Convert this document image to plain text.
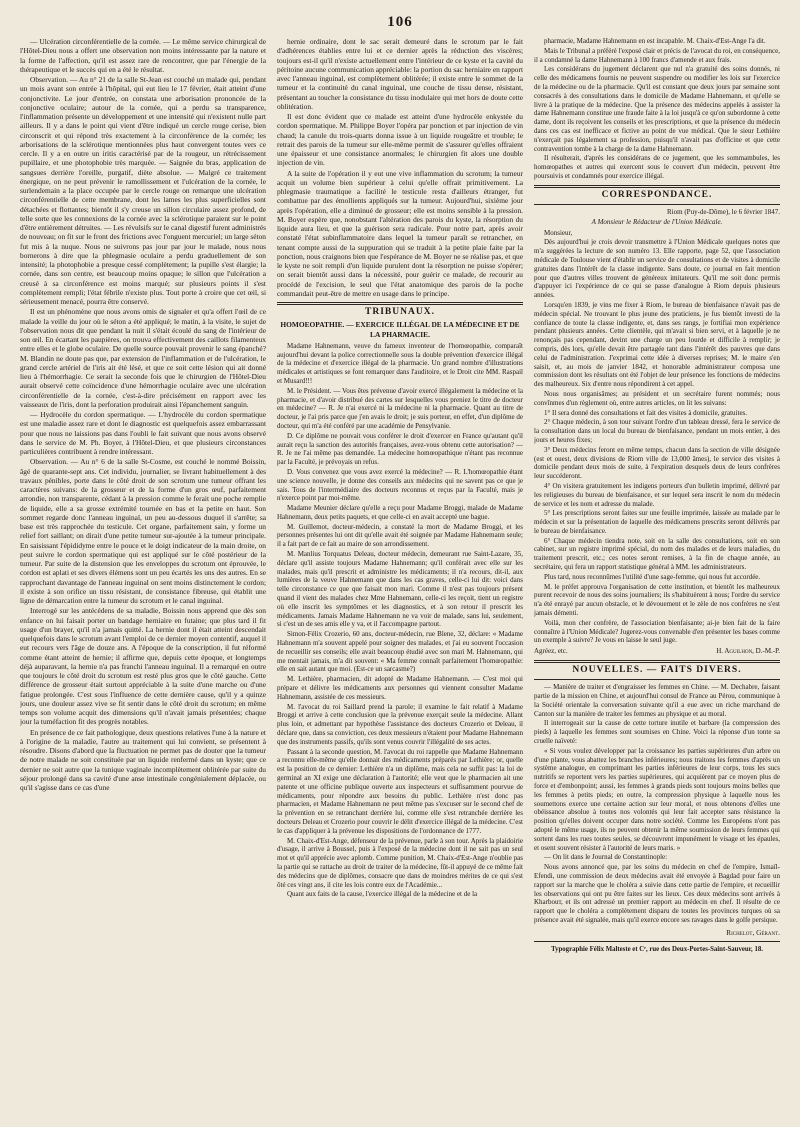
106

— Ulcération circonférentielle de la cornée. — Le même service chirurgical de l'Hôtel-Dieu nous a offert une observation non moins intéressante par la nature et la forme de l'affection, qu'il est assez rare de rencontrer, que par l'énergie de la thérapeutique et le succès qui en a été le résultat.

Observation. — Au n° 21 de la salle St-Jean est couché un malade qui, pendant un mois avant son entrée à l'hôpital, qui eut lieu le 17 février, était atteint d'une conjonctivite. Le jour d'entrée, on constata une arborisation prononcée de la conjonctive oculaire; autour de la cornée, qui a perdu sa transparence, l'inflammation présente un développement et une intensité qui n'existent nulle part ailleurs. Il y a dans le point qui vient d'être indiqué un cercle rouge cerise, bien circonscrit et qui répond très exactement à la circonférence de la cornée; les arborisations de la sclérotique mentionnées plus haut convergent toutes vers ce cercle. Il y a en outre un iritis caractérisé par de la rougeur, un rétrécissement pupillaire, et une photophobie très marquée. — Saignée du bras, application de sangsues derrière l'oreille, purgatif, diète absolue. — Malgré ce traitement énergique, on ne peut prévenir le ramollissement et l'ulcération de la cornée, le surlendemain a la place occupée par le cercle rouge on remarque une ulcération circonférentielle de cette membrane, dont les lames les plus superficielles sont détachées et flottantes; bientôt il s'y creuse un sillon circulaire assez profond, de telle sorte que les connexions de la cornée avec la sclérotique paraient sur le point d'être entièrement détruites. — Les révulsifs sur le canal digestif furent administrés de nouveau; on fit sur le front des frictions avec l'onguent mercuriel; un large séton fut mis à la nuque. Nous ne suivrons pas jour par jour le malade, nous nous bornerons à dire que la phlegmasie oculaire a perdu graduellement de son intensité; la photophobie a presque cessé complètement; la pupille s'est élargie; la cornée, dans son centre, est beaucoup moins opaque; le sillon que l'ulcération a creusé à sa circonférence est moins marqué; sur plusieurs points il s'est complètement rempli; l'état fébrile n'existe plus. Tout porte à croire que cet œil, si sérieusement menacé, pourra être conservé.

Il est un phénomène que nous avons omis de signaler et qu'a offert l'œil de ce malade la veille du jour où le séton a été appliqué; le matin, à la visite, le sujet de l'observation nous dit que pendant la nuit il s'était écoulé du sang de l'intérieur de son œil. En écartant les paupières, on trouva effectivement des caillots filamenteux entre elles et le globe oculaire. De quelle source pouvait provenir le sang épanché? M. Blandin ne doute pas que, par extension de l'inflammation et de l'ulcération, le grand cercle artériel de l'iris ait été lésé, et que ce soit cette lésion qui ait donné lieu à l'hémorrhagie. Ce serait la seconde fois que le chirurgien de l'Hôtel-Dieu aurait observé cette coïncidence d'une hémorrhagie oculaire avec une ulcération circonférentielle de la cornée, c'est-à-dire précisément en rapport avec les vaisseaux de l'iris, dont la perforation produirait ainsi l'épanchement sanguin.

— Hydrocèle du cordon spermatique. — L'hydrocèle du cordon spermatique est une maladie assez rare et dont le diagnostic est quelquefois assez embarrassant pour que nous ne laissions pas dans l'oubli le fait suivant que nous avons observé dans le service de M. Ph. Boyer, à l'Hôtel-Dieu, et que plusieurs circonstances particulières contribuent à rendre intéressant.

Observation. — Au n° 6 de la salle St-Cosme, est couché le nommé Boissin, âgé de quarante-sept ans. Cet individu, journalier, se livrant habituellement à des travaux pénibles, porte dans le côté droit de son scrotum une tumeur offrant les caractères suivans: de la grosseur et de la forme d'un gros œuf, parfaitement arrondie, non transparente, cédant à la pression comme le ferait une poche remplie de liquide, elle a sa grosse extrémité tournée en bas et la petite en haut. Son sommet regarde donc l'anneau inguinal, un peu au-dessous duquel il s'arrête; sa base est très rapprochée du testicule. Cet organe, parfaitement sain, y forme un relief fort saillant; on dirait d'une petite tumeur sur-ajoutée à la tumeur principale. En saisissant l'épididyme entre le pouce et le doigt indicateur de la main droite, on peut suivre le cordon spermatique qui est appliqué sur le côté postérieur de la tumeur. Par suite de la distension que les enveloppes du scrotum ont éprouvée, le cordon est aplati et ses divers élémens sont un peu écartés les uns des autres. En se rapprochant davantage de l'anneau inguinal on sent moins distinctement le cordon; il existe à son orifice un tissu résistant, de consistance fibreuse, qui établit une ligne de démarcation entre la tumeur du scrotum et le canal inguinal.

Interrogé sur les antécédens de sa maladie, Boissin nous apprend que dès son enfance on lui faisait porter un bandage herniaire en futaine; que plus tard il fit usage d'un brayer, qu'il n'a jamais quitté. La hernie dont il était atteint descendait quelquefois dans le scrotum avant l'emploi de ce dernier moyen contentif, auquel il eut recours vers l'âge de douze ans. A l'époque de la conscription, il fut réformé comme étant atteint de hernie; il affirme que, depuis cette époque, et longtemps déjà auparavant, la hernie n'a pas franchi l'anneau inguinal. Il a remarqué en outre que toujours le côté droit du scrotum est resté plus gros que le côté gauche. Cette différence de grosseur était surtout appréciable à la suite d'une marche ou d'une fatigue prolongée. C'est sous l'influence de cette dernière cause, qu'il y a quinze jours, une douleur assez vive se fit sentir dans le côté droit du scrotum; en même temps son volume acquit des dimensions qu'il n'avait jamais présentées; chaque jour la tuméfaction fit des progrès notables.

En présence de ce fait pathologique, deux questions relatives l'une à la nature et à l'origine de la maladie, l'autre au traitement qui lui convient, se présentent à résoudre. Disons d'abord que la fluctuation ne permet pas de douter que la tumeur de notre malade ne soit constituée par un liquide renfermé dans un kyste; que ce dernier ne soit autre que la tunique vaginale incomplètement oblitérée par suite du séjour prolongé dans sa cavité d'une anse intestinale congénialement déplacée, ou qu'il s'agisse dans ce cas d'une

hernie ordinaire, dont le sac serait demeuré dans le scrotum par le fait d'adhérences établies entre lui et ce dernier après la réduction des viscères; toujours est-il qu'il n'existe actuellement entre l'intérieur de ce kyste et la cavité du péritoine aucune communication appréciable: la portion du sac herniaire en rapport avec l'anneau inguinal, est complètement oblitérée; il existe entre le sommet de la tumeur et la continuité du canal inguinal, une couche de tissu dense, résistant, présentant au toucher la consistance du tissu inodulaire qui met hors de doute cette oblitération.

Il est donc évident que ce malade est atteint d'une hydrocèle enkystée du cordon spermatique. M. Philippe Boyer l'opéra par ponction et par injection de vin chaud; la canule du trois-quarts donna issue à un liquide rougeâtre et trouble; le retrait des parois de la tumeur sur elle-même permit de s'assurer qu'elles offraient une épaisseur et une consistance anormales; le chirurgien fit alors une double injection de vin.

A la suite de l'opération il y eut une vive inflammation du scrotum; la tumeur acquit un volume bien supérieur à celui qu'elle offrait primitivement. La phlegmasie traumatique a facilité le testicule resta d'ailleurs étranger, fut combattue par des émollients appliqués sur la tumeur. Aujourd'hui, sixième jour après l'opération, elle a diminué de grosseur; elle est moins sensible à la pression. M. Boyer espère que, nonobstant l'altération des parois du kyste, la résorption du liquide aura lieu, et que la guérison sera radicale. Pour notre part, après avoir constaté l'état subinflammatoire dans lequel la tumeur paraît se retrancher, en tenant compte aussi de la suppuration qui se traduit à la petite plaie faite par la ponction, nous craignons bien que l'espérance de M. Boyer ne se réalise pas, et que le kyste ne soit rempli d'un liquide purulent dont la résorption ne puisse s'opérer; on serait bientôt aussi dans la nécessité, pour guérir ce malade, de recourir au procédé de l'excision, le seul que l'état anatomique des parois de la poche commandait peut-être de mettre en usage dans le principe.

TRIBUNAUX.
HOMOEOPATHIE. — EXERCICE ILLÉGAL DE LA MÉDECINE ET DE LA PHARMACIE.

Madame Hahnemann, veuve du fameux inventeur de l'homœopathie, comparaît aujourd'hui devant la police correctionnelle sous la double prévention d'exercice illégal de la médecine et d'exercice illégal de la pharmacie. Un grand nombre d'illustrations médicales et artistiques se font remarquer dans l'auditoire, et le Droit cite MM. Raspail et Musard!!!

M. le Président. — Vous êtes prévenue d'avoir exercé illégalement la médecine et la pharmacie, et d'avoir distribué des cartes sur lesquelles vous preniez le titre de docteur en médecine? — R. Je n'ai exercé ni la médecine ni la pharmacie. Quant au titre de docteur, je l'ai pris parce que j'en avais le droit; je suis porteur, en effet, d'un diplôme de docteur, qui m'a été conféré par une académie de Pensylvanie.

D. Ce diplôme ne pouvait vous conférer le droit d'exercer en France qu'autant qu'il aurait reçu la sanction des autorités françaises, avez-vous obtenu cette autorisation? — R. Je ne l'ai même pas demandée. La médecine homœopathique n'étant pas reconnue par la Faculté, je prévoyais un refus.

D. Vous convenez que vous avez exercé la médecine? — R. L'homœopathie étant une science nouvelle, je donne des conseils aux médecins qui ne savent pas ce que je sais. Tous de l'intermédiaire des docteurs reconnus et reçus par la Faculté, mais je n'exerce point par moi-même.

Madame Meunier déclare qu'elle a reçu pour Madame Broggi, malade de Madame Hahnemann, deux petits paquets, et que celle-ci en avait accepté une bague.

M. Guillemot, docteur-médecin, a constaté la mort de Madame Broggi, et les personnes présentes lui ont dit qu'elle avait été soignée par Madame Hahnemann seule; il a fait part de ce fait au maire de son arrondissement.

M. Manlius Torquatus Deleau, docteur médecin, demeurant rue Saint-Lazare, 35, déclare qu'il assiste toujours Madame Hahnemann; qu'il conférait avec elle sur les malades, mais qu'il prescrit et administre les médicaments; il n'a recours, dit-il, aux lumières de la veuve Hahnemann que dans les cas graves, celle-ci lui dit: voici dans telle circonstance ce que que faisait mon mari. Comme il n'est pas toujours présent quand il vient des malades chez Mme Hahnemann, celle-ci les reçoit, tient un registre où elle inscrit les symptômes et les diagnostics, et à son retour il prescrit les médicaments. Jamais Madame Hahnemann ne va voir de malade, sans lui, seulement, si c'est un de ses amis elle y va, et il l'accompagne partout.

Simon-Félix Crozerio, 60 ans, docteur-médecin, rue Blene, 32, déclare: « Madame Hahnemann m'a souvent appelé pour soigner des malades, et j'ai eu souvent l'occasion de recueillir ses conseils; elle avait beaucoup étudié avec son mari M. Hahnemann, qui me mentait jamais, m'a dit souvent: « Ma femme connaît parfaitement l'homœopathie: elle en sait autant que moi. (Est-ce un sarcasme?)

M. Lethière, pharmacien, dit adopté de Madame Hahnemann. — C'est moi qui prépare et délivre les médicaments aux personnes qui viennent consulter Madame Hahnemann, assistée de ces messieurs.

M. l'avocat du roi Saillard prend la parole; il examine le fait relatif à Madame Broggi et arrive à cette conclusion que la prévenue exerçait seule la médecine. Allant plus loin, et admettant par hypothèse l'assistance des docteurs Crozerio et Deleau, il déclare que, dans sa conviction, ces deux messieurs n'étaient pour Madame Hahnemann que des instruments passifs, qu'ils sont venus couvrir l'illégalité de ses actes.

Passant à la seconde question, M. l'avocat du roi rappelle que Madame Hahnemann a reconnu elle-même qu'elle donnait des médicaments préparés par Lethière; or, quelle est la position de ce dernier: Lethière n'a un diplôme, mais cela ne suffit pas: la loi de germinal an XI exige une déclaration à l'autorité; elle veut que le pharmacien ait une patente et une officine publique ouverte aux inspecteurs et suffisamment pourvue de médicaments, pour répondre aux besoins du public. Lethière n'est donc pas pharmacien, et Madame Hahnemann ne peut même pas s'excuser sur le second chef de la prévention en se retranchant derrière lui, comme elle s'est retranchée derrière les docteurs Deleau et Crozerio pour couvrir le délit d'exercice illégal de la médecine. C'est le cas d'appliquer à la prévenue les dispositions de l'ordonnance de 1777.

M. Chaix-d'Est-Ange, défenseur de la prévenue, parle à son tour. Après la plaidoirie d'usage, il arrive à Boussel, puis à l'exposé de la médecine dont il ne sait pas un seul mot et qu'il apprécie avec aplomb. Comme punition, M. Chaix-d'Est-Ange n'oublie pas la partie qui se rattache au droit de traiter de la médecine, fût-il appuyé de ce même fait des médecins que de diplômes, consacre que dans de moindres mérites de ce qui s'est ôté ces vingt ans, il cite les lois contre eux de l'Académie...

Quant aux faits de la cause, l'exercice illégal de la médecine et de la

pharmacie, Madame Hahnemann en est incapable. M. Chaix-d'Est-Ange l'a dit.

Mais le Tribunal a préféré l'exposé clair et précis de l'avocat du roi, en conséquence, il a condamné la dame Hahnemann à 100 francs d'amende et aux frais.

Les considérans du jugement déclarent que nul n'a gratuité des soins donnés, ni celle des médicamens fournis ne peuvent suspendre ou modifier les lois sur l'exercice de la médecine ou de la pharmacie. Qu'il est constant que deux jours par semaine sont consacrés à des consultations dans le domicile de Madame Hahnemann, et qu'elle se livre à la pratique de la médecine. Que la présence des médecins appelés à assister la dame Hahnemann constitue une fraude faite à la loi jusqu'à ce qu'on subordonne à cette dame, dont ils reçoivent les conseils et les prescriptions, et que la présence du médecin dans ces cas est inefficace et fictive au point de vue médical. Que le sieur Lethière n'exerçait pas légalement sa profession, puisqu'il n'avait pas d'officine et que cette contravention tombe à la charge de la dame Hahnemann.

Il résulterait, d'après les considérans de ce jugement, que les sommambules, les homœopathes et autres qui exercent sous le couvert d'un médecin, peuvent être poursuivis et condamnés pour exercice illégal.

CORRESPONDANCE.
Riom (Puy-de-Dôme), le 6 février 1847.
A Monsieur le Rédacteur de l'Union Médicale.

Monsieur,

Dès aujourd'hui je crois devoir transmettre à l'Union Médicale quelques notes que m'a suggérées la lecture de son numéro 13. Elle rapporte, page 52, que l'association médicale de Toulouse vient d'établir un service de consultations et de visites à domicile gratuites dans l'intérêt de la classe indigente. Sans doute, ce journal en fait mention pour que d'autres villes trouvent de généreux imitateurs. Qu'il me soit donc permis d'appuyer ici l'expérience de ce qui se passe d'analogue à Riom depuis plusieurs années.

Lorsqu'en 1839, je vins me fixer à Riom, le bureau de bienfaisance n'avait pas de médecin spécial. Ne trouvant le plus jeune des praticiens, je fus bientôt investi de la confiance de toute la classe indigente, et, dans ses rangs, je fortifiai mon expérience pendant plusieurs années. Cette clientèle, qui m'avait si bien servi, et à laquelle je ne renonçais pas cependant, devint une charge un peu lourde et difficile à remplir; je compris, dès lors, qu'elle devait être partagée tant dans l'intérêt des pauvres que dans celui de l'administration. J'exprimai cette idée à diverses reprises; M. le maire s'en saisit, et, au mois de janvier 1842, et honorable administrateur composa une commission dont les résultats ont été l'objet de leur présence les fonctions de médecins des malheureux. Six d'entre nous répondirent à cet appel.

Nous nous organisâmes; au président et un secrétaire furent nommés; nous convînmes d'un règlement où, entre autres articles, on lit les suivans:

1° Il sera donné des consultations et fait des visites à domicile, gratuites.

2° Chaque médecin, à son tour suivant l'ordre d'un tableau dressé, fera le service de la consultation dans un local du bureau de bienfaisance, pendant un mois entier, à des jours et heures fixes;

3° Deux médecins feront en même temps, chacun dans la section de ville désignée (est et ouest, deux divisions de Riom ville de 13,000 âmes), le service des visites à domicile pendant deux mois de suite, à l'expiration desquels deux de leurs confrères leur succéderont.

4° On visitera gratuitement les indigens porteurs d'un bulletin imprimé, délivré par les religieuses du bureau de bienfaisance, et sur lequel sera inscrit le nom du médecin de service et les nom et adresse du malade.

5° Les prescriptions seront faites sur une feuille imprimée, laissée au malade par le médecin et sur la présentation de laquelle des médicamens prescrits seront délivrés par le bureau de bienfaisance.

6° Chaque médecin tiendra note, soit en la salle des consultations, soit en son cabinet, sur un registre imprimé spécial, du nom des malades et de leurs maladies, du traitement prescrit, etc.; ces notes seront remises, à la fin de chaque année, au secrétaire, qui fera un rapport statistique général à MM. les administrateurs.

Plus tard, nous reconnûmes l'utilité d'une sage-femme, qui nous fut accordée.

M. le préfet approuva l'organisation de cette institution, et bientôt les malheureux purent recevoir de nous des soins journaliers; ils s'habituèrent à nous; l'ordre du service n'a été enrayé par aucun obstacle, et le dévouement et le zèle de nos confrères ne s'est jamais démenti.

Voilà, mon cher confrère, de l'association bienfaisante; ai-je bien fait de la faire connaître à l'Union Médicale? Jugerez-vous convenable d'en présenter les bases comme un exemple à suivre? Je vous en laisse le seul juge.

Agréez, etc.	H. Aguilhon, D.-M.-P.
NOUVELLES. — FAITS DIVERS.

— Manière de traiter et d'engraisser les femmes en Chine. — M. Dechabre, faisant partie de la mission en Chine, et aujourd'hui consul de France au Pérou, communique à la Société orientale la conversation suivante qu'il a eue avec un riche marchand de Canton sur la manière de traiter les femmes au physique et au moral.

Il interrogeait sur la cause de cette torture inutile et barbare (la compression des pieds) à laquelle les femmes sont soumises en Chine. Voici la réponse d'un tonte sa cruelle naïveté:

« Si vous voulez développer par la croissance les parties supérieures d'un arbre ou d'une plante, vous abattez les branches inférieures; nous traitons les femmes d'après un système analogue, en comprimant les parties inférieures de leur corps, tous les sucs nutritifs se reportent vers les parties supérieures, qui acquièrent par ce moyen plus de force et d'embonpoint; aussi, les femmes à grands pieds sont toujours moins belles que les femmes à petits pieds; en outre, la compression physique à laquelle nous les soumettons exerce une certaine action sur leur moral, et nous obtenons d'elles une obéissance absolue à toutes nos volontés qui leur fait accepter sans résistance la position qu'elles doivent occuper dans notre société. Comme les Européens n'ont pas adopté le même usage, ils ne peuvent obtenir la même soumission de leurs femmes qui sortent dans les rues toutes seules, se découvrent impunément le visage et les épaules, et osent souvent résister à l'autorité de leurs maris. »

— On lit dans le Journal de Constantinople:

Nous avons annoncé que, par les soins du médecin en chef de l'empire, Ismaïl-Efendi, une commission de deux médecins avait été envoyée à Bagdad pour faire un rapport sur la marche que le choléra a suivie dans cette partie de l'empire, et recueillir les observations qui ont pu être faites sur les lieux. Ces deux médecins sont arrivés à Kharbouт, et ils ont adressé un premier rapport au médecin en chef. Il résulte de ce rapport que le choléra a complètement disparu de toutes les provinces turques où sa présence avait été signalée, mais qu'il exerce encore ses ravages dans le golfe persique.

Richelot, Gérant.
Typographie Félix Malteste et Cᵉ, rue des Deux-Portes-Saint-Sauveur, 18.
